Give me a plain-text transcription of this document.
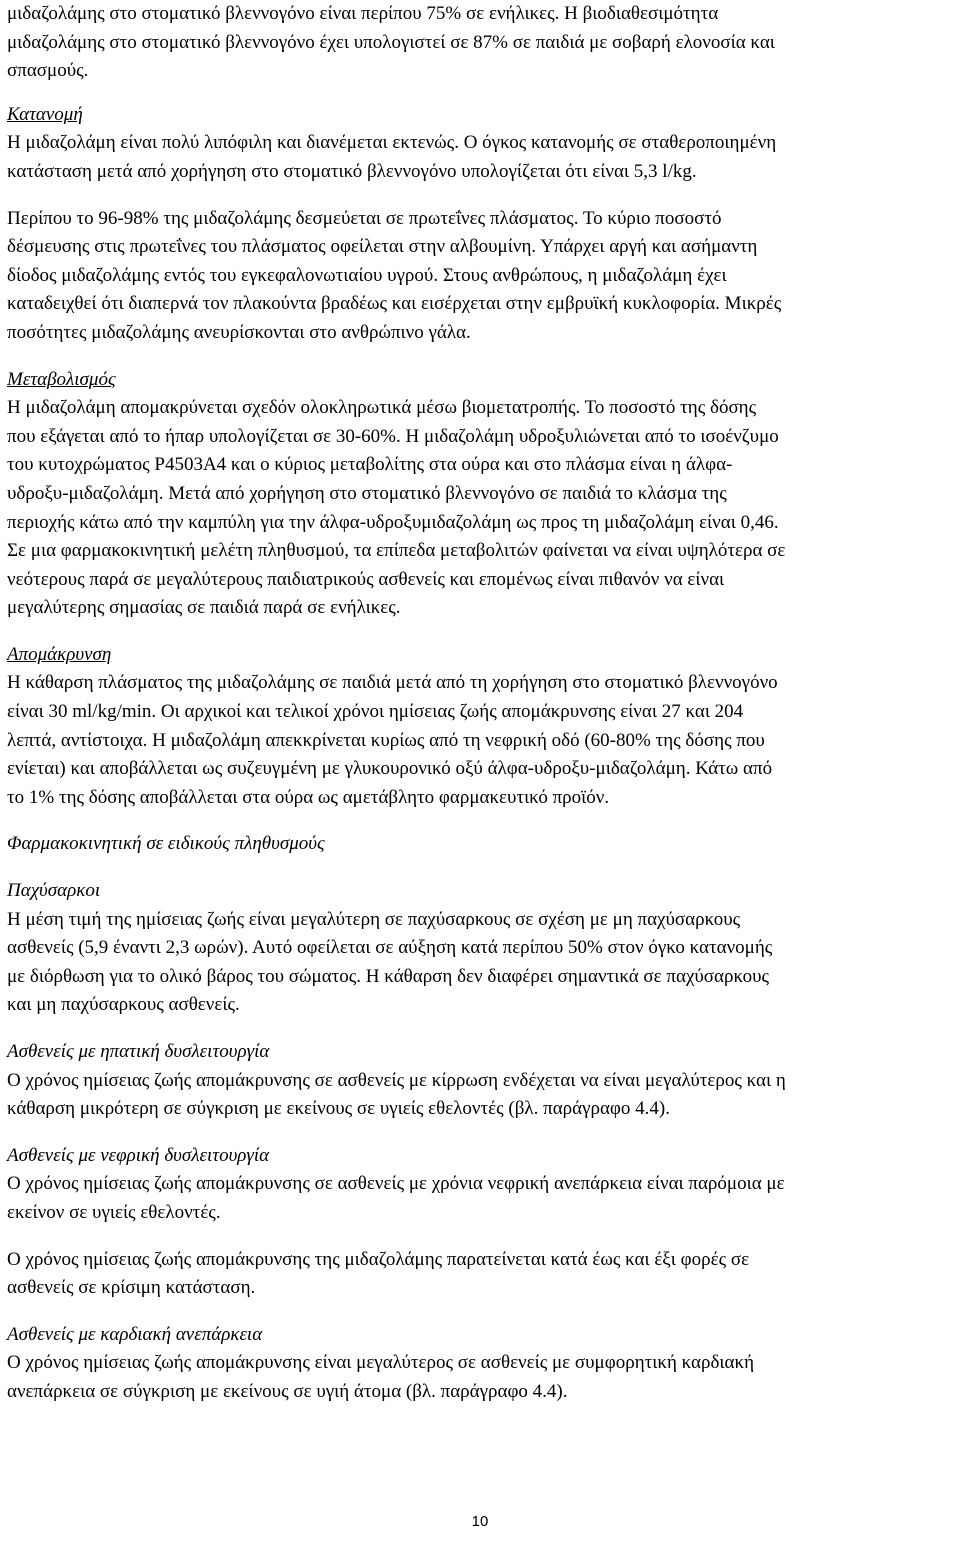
μιδαζολάμης στο στοματικό βλεννογόνο είναι περίπου 75% σε ενήλικες. Η βιοδιαθεσιμότητα
μιδαζολάμης στο στοματικό βλεννογόνο έχει υπολογιστεί σε 87% σε παιδιά με σοβαρή ελονοσία και
σπασμούς.
Κατανομή
Η μιδαζολάμη είναι πολύ λιπόφιλη και διανέμεται εκτενώς. Ο όγκος κατανομής σε σταθεροποιημένη
κατάσταση μετά από χορήγηση στο στοματικό βλεννογόνο υπολογίζεται ότι είναι 5,3 l/kg.
Περίπου το 96-98% της μιδαζολάμης δεσμεύεται σε πρωτεΐνες πλάσματος. Το κύριο ποσοστό
δέσμευσης στις πρωτεΐνες του πλάσματος οφείλεται στην αλβουμίνη. Υπάρχει αργή και ασήμαντη
δίοδος μιδαζολάμης εντός του εγκεφαλονωτιαίου υγρού. Στους ανθρώπους, η μιδαζολάμη έχει
καταδειχθεί ότι διαπερνά τον πλακούντα βραδέως και εισέρχεται στην εμβρυϊκή κυκλοφορία. Μικρές
ποσότητες μιδαζολάμης ανευρίσκονται στο ανθρώπινο γάλα.
Μεταβολισμός
Η μιδαζολάμη απομακρύνεται σχεδόν ολοκληρωτικά μέσω βιομετατροπής. Το ποσοστό της δόσης
που εξάγεται από το ήπαρ υπολογίζεται σε 30-60%. Η μιδαζολάμη υδροξυλιώνεται από το ισοένζυμο
του κυτοχρώματος P4503A4 και ο κύριος μεταβολίτης στα ούρα και στο πλάσμα είναι η άλφα-
υδροξυ-μιδαζολάμη. Μετά από χορήγηση στο στοματικό βλεννογόνο σε παιδιά το κλάσμα της
περιοχής κάτω από την καμπύλη για την άλφα-υδροξυμιδαζολάμη ως προς τη μιδαζολάμη είναι 0,46.
Σε μια φαρμακοκινητική μελέτη πληθυσμού, τα επίπεδα μεταβολιτών φαίνεται να είναι υψηλότερα σε
νεότερους παρά σε μεγαλύτερους παιδιατρικούς ασθενείς και επομένως είναι πιθανόν να είναι
μεγαλύτερης σημασίας σε παιδιά παρά σε ενήλικες.
Απομάκρυνση
Η κάθαρση πλάσματος της μιδαζολάμης σε παιδιά μετά από τη χορήγηση στο στοματικό βλεννογόνο
είναι 30 ml/kg/min. Οι αρχικοί και τελικοί χρόνοι ημίσειας ζωής απομάκρυνσης είναι 27 και 204
λεπτά, αντίστοιχα. Η μιδαζολάμη απεκκρίνεται κυρίως από τη νεφρική οδό (60-80% της δόσης που
ενίεται) και αποβάλλεται ως συζευγμένη με γλυκουρονικό οξύ άλφα-υδροξυ-μιδαζολάμη. Κάτω από
το 1% της δόσης αποβάλλεται στα ούρα ως αμετάβλητο φαρμακευτικό προϊόν.
Φαρμακοκινητική σε ειδικούς πληθυσμούς
Παχύσαρκοι
Η μέση τιμή της ημίσειας ζωής είναι μεγαλύτερη σε παχύσαρκους σε σχέση με μη παχύσαρκους
ασθενείς (5,9 έναντι 2,3 ωρών). Αυτό οφείλεται σε αύξηση κατά περίπου 50% στον όγκο κατανομής
με διόρθωση για το ολικό βάρος του σώματος. Η κάθαρση δεν διαφέρει σημαντικά σε παχύσαρκους
και μη παχύσαρκους ασθενείς.
Ασθενείς με ηπατική δυσλειτουργία
Ο χρόνος ημίσειας ζωής απομάκρυνσης σε ασθενείς με κίρρωση ενδέχεται να είναι μεγαλύτερος και η
κάθαρση μικρότερη σε σύγκριση με εκείνους σε υγιείς εθελοντές (βλ. παράγραφο 4.4).
Ασθενείς με νεφρική δυσλειτουργία
Ο χρόνος ημίσειας ζωής απομάκρυνσης σε ασθενείς με χρόνια νεφρική ανεπάρκεια είναι παρόμοια με
εκείνον σε υγιείς εθελοντές.
Ο χρόνος ημίσειας ζωής απομάκρυνσης της μιδαζολάμης παρατείνεται κατά έως και έξι φορές σε
ασθενείς σε κρίσιμη κατάσταση.
Ασθενείς με καρδιακή ανεπάρκεια
Ο χρόνος ημίσειας ζωής απομάκρυνσης είναι μεγαλύτερος σε ασθενείς με συμφορητική καρδιακή
ανεπάρκεια σε σύγκριση με εκείνους σε υγιή άτομα (βλ. παράγραφο 4.4).
10
